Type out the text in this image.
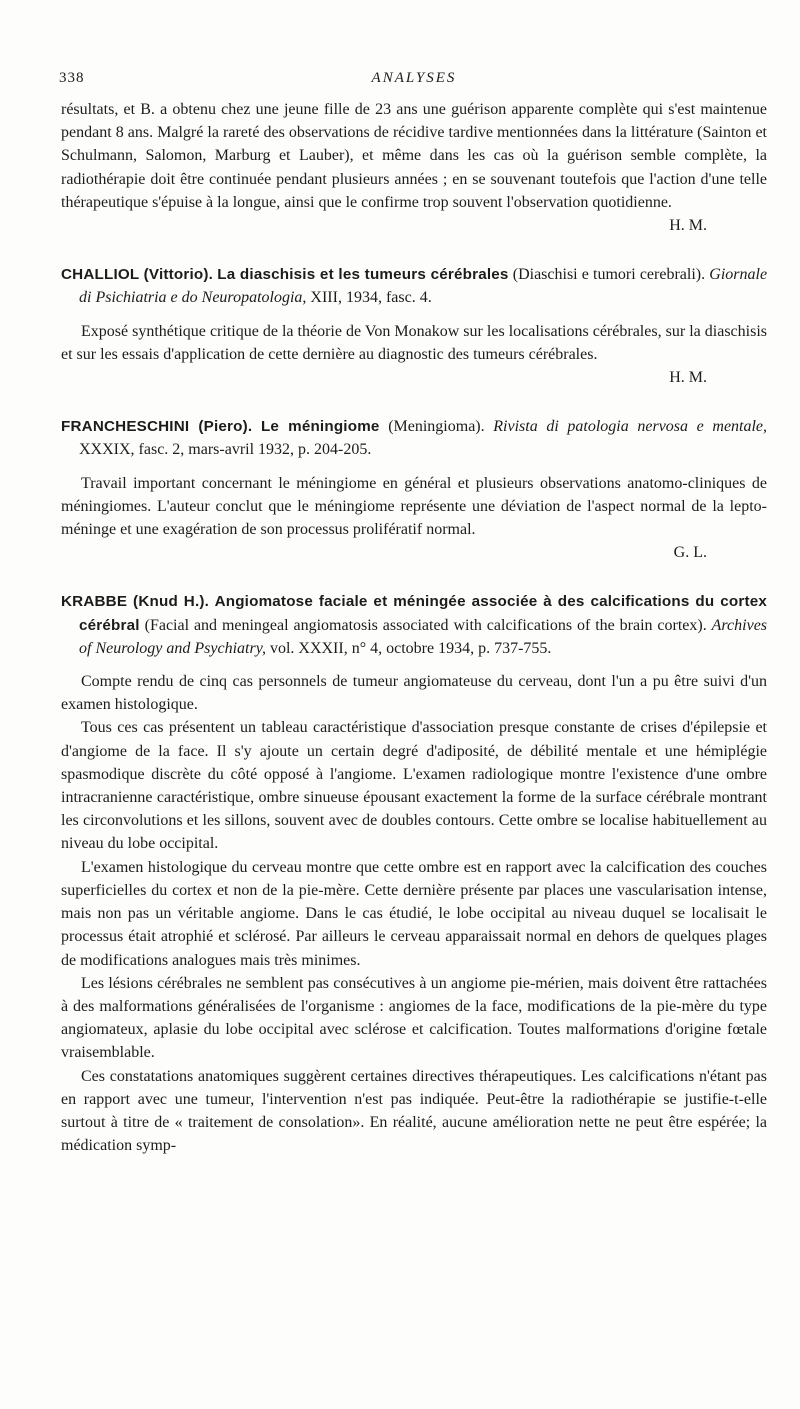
338	ANALYSES

résultats, et B. a obtenu chez une jeune fille de 23 ans une guérison apparente complète qui s'est maintenue pendant 8 ans. Malgré la rareté des observations de récidive tardive mentionnées dans la littérature (Sainton et Schulmann, Salomon, Marburg et Lauber), et même dans les cas où la guérison semble complète, la radiothérapie doit être continuée pendant plusieurs années ; en se souvenant toutefois que l'action d'une telle thérapeutique s'épuise à la longue, ainsi que le confirme trop souvent l'observation quotidienne.

H. M.

CHALLIOL (Vittorio). La diaschisis et les tumeurs cérébrales (Diaschisi e tumori cerebrali). Giornale di Psichiatria e do Neuropatologia, XIII, 1934, fasc. 4.

Exposé synthétique critique de la théorie de Von Monakow sur les localisations cérébrales, sur la diaschisis et sur les essais d'application de cette dernière au diagnostic des tumeurs cérébrales.

H. M.

FRANCHESCHINI (Piero). Le méningiome (Meningioma). Rivista di patologia nervosa e mentale, XXXIX, fasc. 2, mars-avril 1932, p. 204-205.

Travail important concernant le méningiome en général et plusieurs observations anatomo-cliniques de méningiomes. L'auteur conclut que le méningiome représente une déviation de l'aspect normal de la lepto-méninge et une exagération de son processus prolifératif normal.

G. L.

KRABBE (Knud H.). Angiomatose faciale et méningée associée à des calcifications du cortex cérébral (Facial and meningeal angiomatosis associated with calcifications of the brain cortex). Archives of Neurology and Psychiatry, vol. XXXII, n° 4, octobre 1934, p. 737-755.

Compte rendu de cinq cas personnels de tumeur angiomateuse du cerveau, dont l'un a pu être suivi d'un examen histologique.

Tous ces cas présentent un tableau caractéristique d'association presque constante de crises d'épilepsie et d'angiome de la face. Il s'y ajoute un certain degré d'adiposité, de débilité mentale et une hémiplégie spasmodique discrète du côté opposé à l'angiome. L'examen radiologique montre l'existence d'une ombre intracranienne caractéristique, ombre sinueuse épousant exactement la forme de la surface cérébrale montrant les circonvolutions et les sillons, souvent avec de doubles contours. Cette ombre se localise habituellement au niveau du lobe occipital.

L'examen histologique du cerveau montre que cette ombre est en rapport avec la calcification des couches superficielles du cortex et non de la pie-mère. Cette dernière présente par places une vascularisation intense, mais non pas un véritable angiome. Dans le cas étudié, le lobe occipital au niveau duquel se localisait le processus était atrophié et sclérosé. Par ailleurs le cerveau apparaissait normal en dehors de quelques plages de modifications analogues mais très minimes.

Les lésions cérébrales ne semblent pas consécutives à un angiome pie-mérien, mais doivent être rattachées à des malformations généralisées de l'organisme : angiomes de la face, modifications de la pie-mère du type angiomateux, aplasie du lobe occipital avec sclérose et calcification. Toutes malformations d'origine fœtale vraisemblable.

Ces constatations anatomiques suggèrent certaines directives thérapeutiques. Les calcifications n'étant pas en rapport avec une tumeur, l'intervention n'est pas indiquée. Peut-être la radiothérapie se justifie-t-elle surtout à titre de « traitement de consolation». En réalité, aucune amélioration nette ne peut être espérée; la médication symp-
